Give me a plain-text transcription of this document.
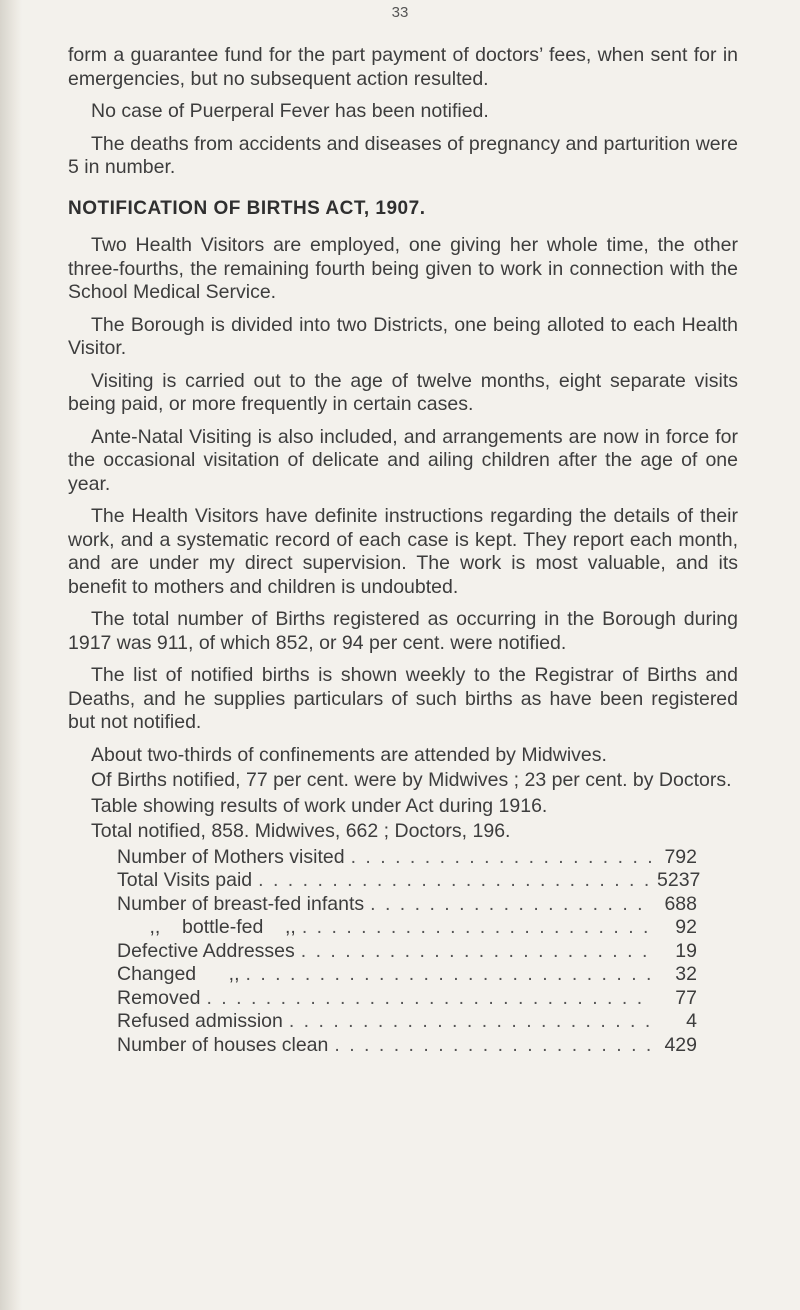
33

form a guarantee fund for the part payment of doctors’ fees, when sent for in emergencies, but no subsequent action resulted.

No case of Puerperal Fever has been notified.

The deaths from accidents and diseases of pregnancy and parturition were 5 in number.

NOTIFICATION OF BIRTHS ACT, 1907.

Two Health Visitors are employed, one giving her whole time, the other three-fourths, the remaining fourth being given to work in connection with the School Medical Service.

The Borough is divided into two Districts, one being alloted to each Health Visitor.

Visiting is carried out to the age of twelve months, eight separate visits being paid, or more frequently in certain cases.

Ante-Natal Visiting is also included, and arrangements are now in force for the occasional visitation of delicate and ailing children after the age of one year.

The Health Visitors have definite instructions regarding the details of their work, and a systematic record of each case is kept. They report each month, and are under my direct supervision. The work is most valuable, and its benefit to mothers and children is undoubted.

The total number of Births registered as occurring in the Borough during 1917 was 911, of which 852, or 94 per cent. were notified.

The list of notified births is shown weekly to the Registrar of Births and Deaths, and he supplies particulars of such births as have been registered but not notified.

About two-thirds of confinements are attended by Midwives.

Of Births notified, 77 per cent. were by Midwives ; 23 per cent. by Doctors.

Table showing results of work under Act during 1916.

Total notified, 858. Midwives, 662 ; Doctors, 196.

Number of Mothers visited . . .	792
Total Visits paid . . .	5237
Number of breast-fed infants . . .	688
,,    bottle-fed    ,, . . .	92
Defective Addresses . . .	19
Changed      ,, . . .	32
Removed . . .	77
Refused admission . . .	4
Number of houses clean . . .	429
